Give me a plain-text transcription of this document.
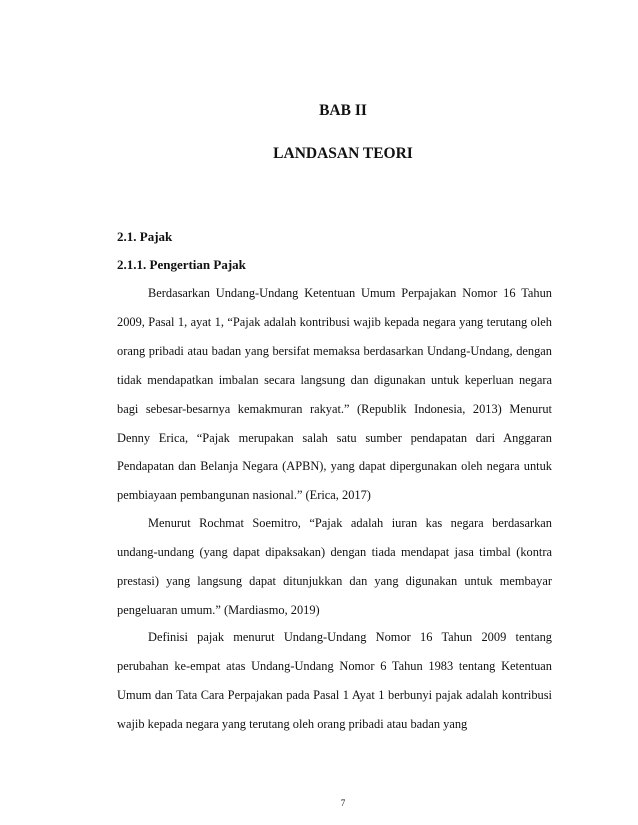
BAB II
LANDASAN TEORI
2.1. Pajak
2.1.1. Pengertian Pajak

Berdasarkan Undang-Undang Ketentuan Umum Perpajakan Nomor 16 Tahun 2009, Pasal 1, ayat 1, “Pajak adalah kontribusi wajib kepada negara yang terutang oleh orang pribadi atau badan yang bersifat memaksa berdasarkan Undang-Undang, dengan tidak mendapatkan imbalan secara langsung dan digunakan untuk keperluan negara bagi sebesar-besarnya kemakmuran rakyat.” (Republik Indonesia, 2013) Menurut Denny Erica, “Pajak merupakan salah satu sumber pendapatan dari Anggaran Pendapatan dan Belanja Negara (APBN), yang dapat dipergunakan oleh negara untuk pembiayaan pembangunan nasional.” (Erica, 2017)

Menurut Rochmat Soemitro, “Pajak adalah iuran kas negara berdasarkan undang-undang (yang dapat dipaksakan) dengan tiada mendapat jasa timbal (kontra prestasi) yang langsung dapat ditunjukkan dan yang digunakan untuk membayar pengeluaran umum.” (Mardiasmo, 2019)

Definisi pajak menurut Undang-Undang Nomor 16 Tahun 2009 tentang perubahan ke-empat atas Undang-Undang Nomor 6 Tahun 1983 tentang Ketentuan Umum dan Tata Cara Perpajakan pada Pasal 1 Ayat 1 berbunyi pajak adalah kontribusi wajib kepada negara yang terutang oleh orang pribadi atau badan yang

7
